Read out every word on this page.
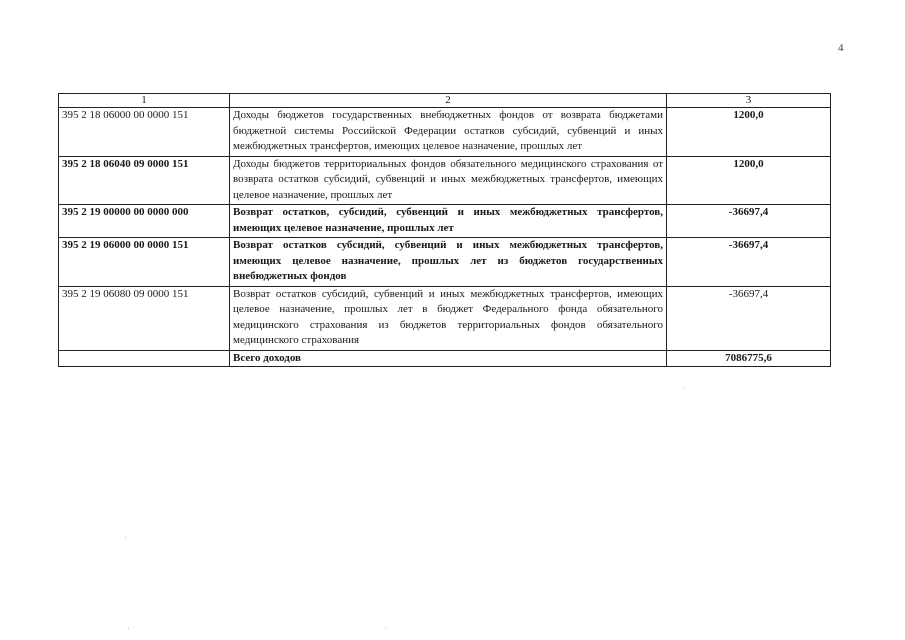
4
1	2	3
395 2 18 06000 00 0000 151	Доходы бюджетов государственных внебюджетных фондов от возврата бюджетами бюджетной системы Российской Федерации остатков субсидий, субвенций и иных межбюджетных трансфертов, имеющих целевое назначение, прошлых лет	1200,0
395 2 18 06040 09 0000 151	Доходы бюджетов территориальных фондов обязательного медицинского страхования от возврата остатков субсидий, субвенций и иных межбюджетных трансфертов, имеющих целевое назначение, прошлых лет	1200,0
395 2 19 00000 00 0000 000	Возврат остатков, субсидий, субвенций и иных межбюджетных трансфертов, имеющих целевое назначение, прошлых лет	-36697,4
395 2 19 06000 00 0000 151	Возврат остатков субсидий, субвенций и иных межбюджетных трансфертов, имеющих целевое назначение, прошлых лет из бюджетов государственных внебюджетных фондов	-36697,4
395 2 19 06080 09 0000 151	Возврат остатков субсидий, субвенций и иных межбюджетных трансфертов, имеющих целевое назначение, прошлых лет в бюджет Федерального фонда обязательного медицинского страхования из бюджетов территориальных фондов обязательного медицинского страхования	-36697,4
	Всего доходов	7086775,6
